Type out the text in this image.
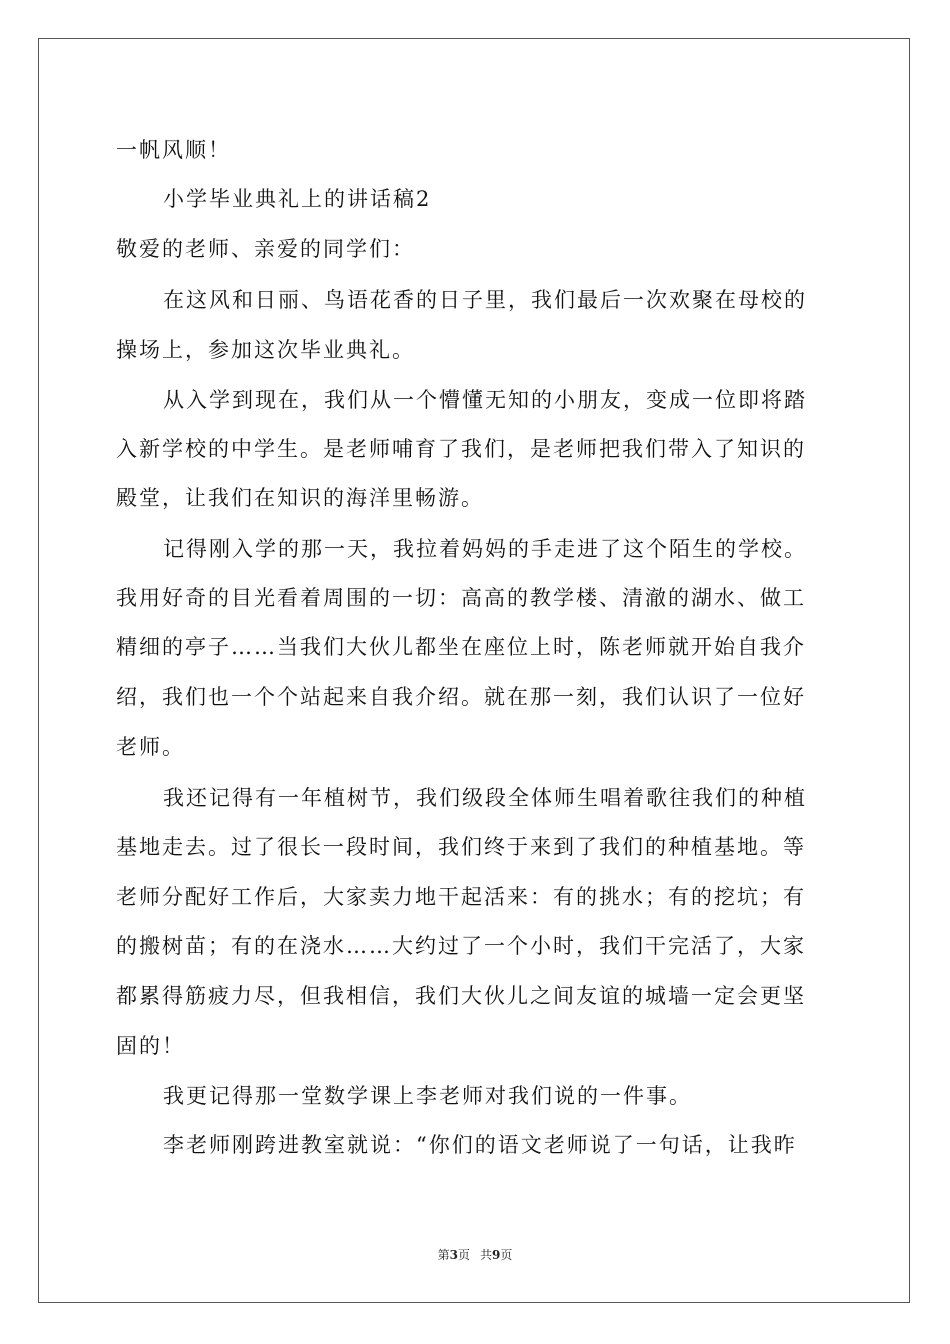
一帆风顺！
小学毕业典礼上的讲话稿2
敬爱的老师、亲爱的同学们：
在这风和日丽、鸟语花香的日子里，我们最后一次欢聚在母校的
操场上，参加这次毕业典礼。
从入学到现在，我们从一个懵懂无知的小朋友，变成一位即将踏
入新学校的中学生。是老师哺育了我们，是老师把我们带入了知识的
殿堂，让我们在知识的海洋里畅游。
记得刚入学的那一天，我拉着妈妈的手走进了这个陌生的学校。
我用好奇的目光看着周围的一切：高高的教学楼、清澈的湖水、做工
精细的亭子……当我们大伙儿都坐在座位上时，陈老师就开始自我介
绍，我们也一个个站起来自我介绍。就在那一刻，我们认识了一位好
老师。
我还记得有一年植树节，我们级段全体师生唱着歌往我们的种植
基地走去。过了很长一段时间，我们终于来到了我们的种植基地。等
老师分配好工作后，大家卖力地干起活来：有的挑水；有的挖坑；有
的搬树苗；有的在浇水……大约过了一个小时，我们干完活了，大家
都累得筋疲力尽，但我相信，我们大伙儿之间友谊的城墙一定会更坚
固的！
我更记得那一堂数学课上李老师对我们说的一件事。
李老师刚跨进教室就说：“你们的语文老师说了一句话，让我昨
第3页 共9页
